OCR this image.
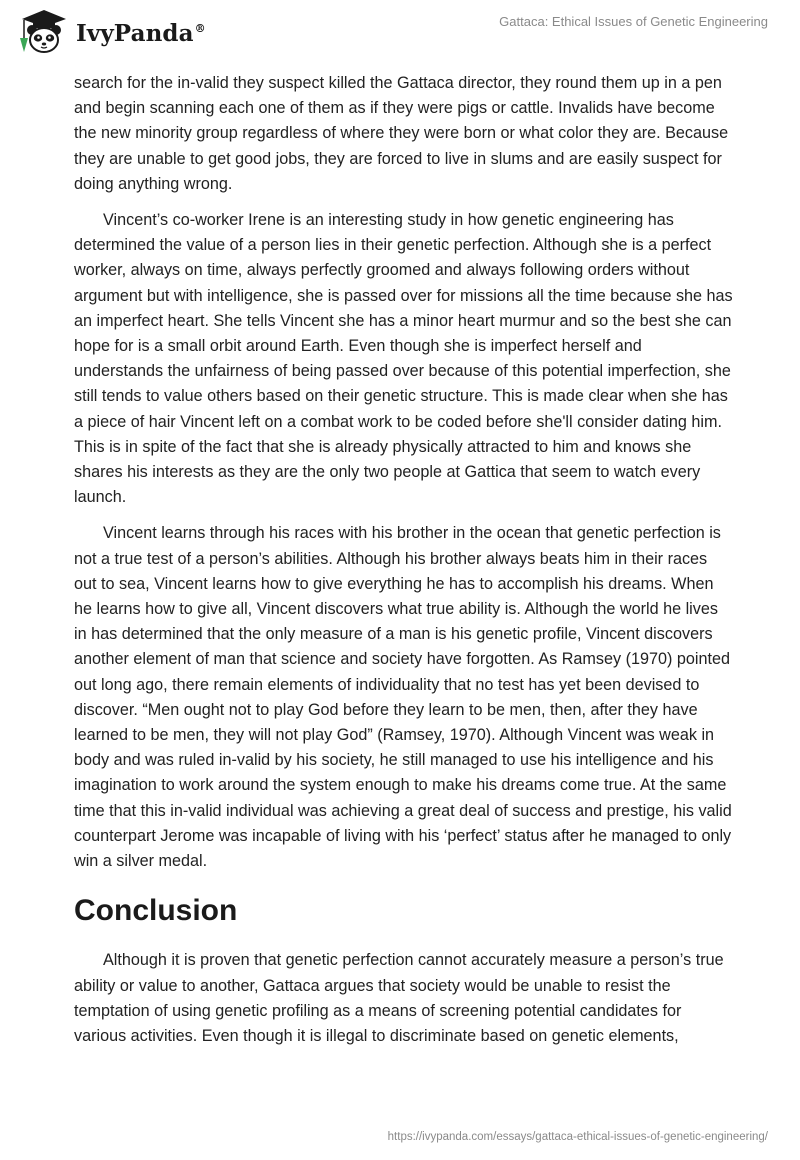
IvyPanda®	Gattaca: Ethical Issues of Genetic Engineering

search for the in-valid they suspect killed the Gattaca director, they round them up in a pen and begin scanning each one of them as if they were pigs or cattle. Invalids have become the new minority group regardless of where they were born or what color they are. Because they are unable to get good jobs, they are forced to live in slums and are easily suspect for doing anything wrong.

Vincent’s co-worker Irene is an interesting study in how genetic engineering has determined the value of a person lies in their genetic perfection. Although she is a perfect worker, always on time, always perfectly groomed and always following orders without argument but with intelligence, she is passed over for missions all the time because she has an imperfect heart. She tells Vincent she has a minor heart murmur and so the best she can hope for is a small orbit around Earth. Even though she is imperfect herself and understands the unfairness of being passed over because of this potential imperfection, she still tends to value others based on their genetic structure. This is made clear when she has a piece of hair Vincent left on a combat work to be coded before she'll consider dating him. This is in spite of the fact that she is already physically attracted to him and knows she shares his interests as they are the only two people at Gattica that seem to watch every launch.

Vincent learns through his races with his brother in the ocean that genetic perfection is not a true test of a person’s abilities. Although his brother always beats him in their races out to sea, Vincent learns how to give everything he has to accomplish his dreams. When he learns how to give all, Vincent discovers what true ability is. Although the world he lives in has determined that the only measure of a man is his genetic profile, Vincent discovers another element of man that science and society have forgotten. As Ramsey (1970) pointed out long ago, there remain elements of individuality that no test has yet been devised to discover. “Men ought not to play God before they learn to be men, then, after they have learned to be men, they will not play God” (Ramsey, 1970). Although Vincent was weak in body and was ruled in-valid by his society, he still managed to use his intelligence and his imagination to work around the system enough to make his dreams come true. At the same time that this in-valid individual was achieving a great deal of success and prestige, his valid counterpart Jerome was incapable of living with his ‘perfect’ status after he managed to only win a silver medal.

Conclusion

Although it is proven that genetic perfection cannot accurately measure a person’s true ability or value to another, Gattaca argues that society would be unable to resist the temptation of using genetic profiling as a means of screening potential candidates for various activities. Even though it is illegal to discriminate based on genetic elements,

https://ivypanda.com/essays/gattaca-ethical-issues-of-genetic-engineering/
